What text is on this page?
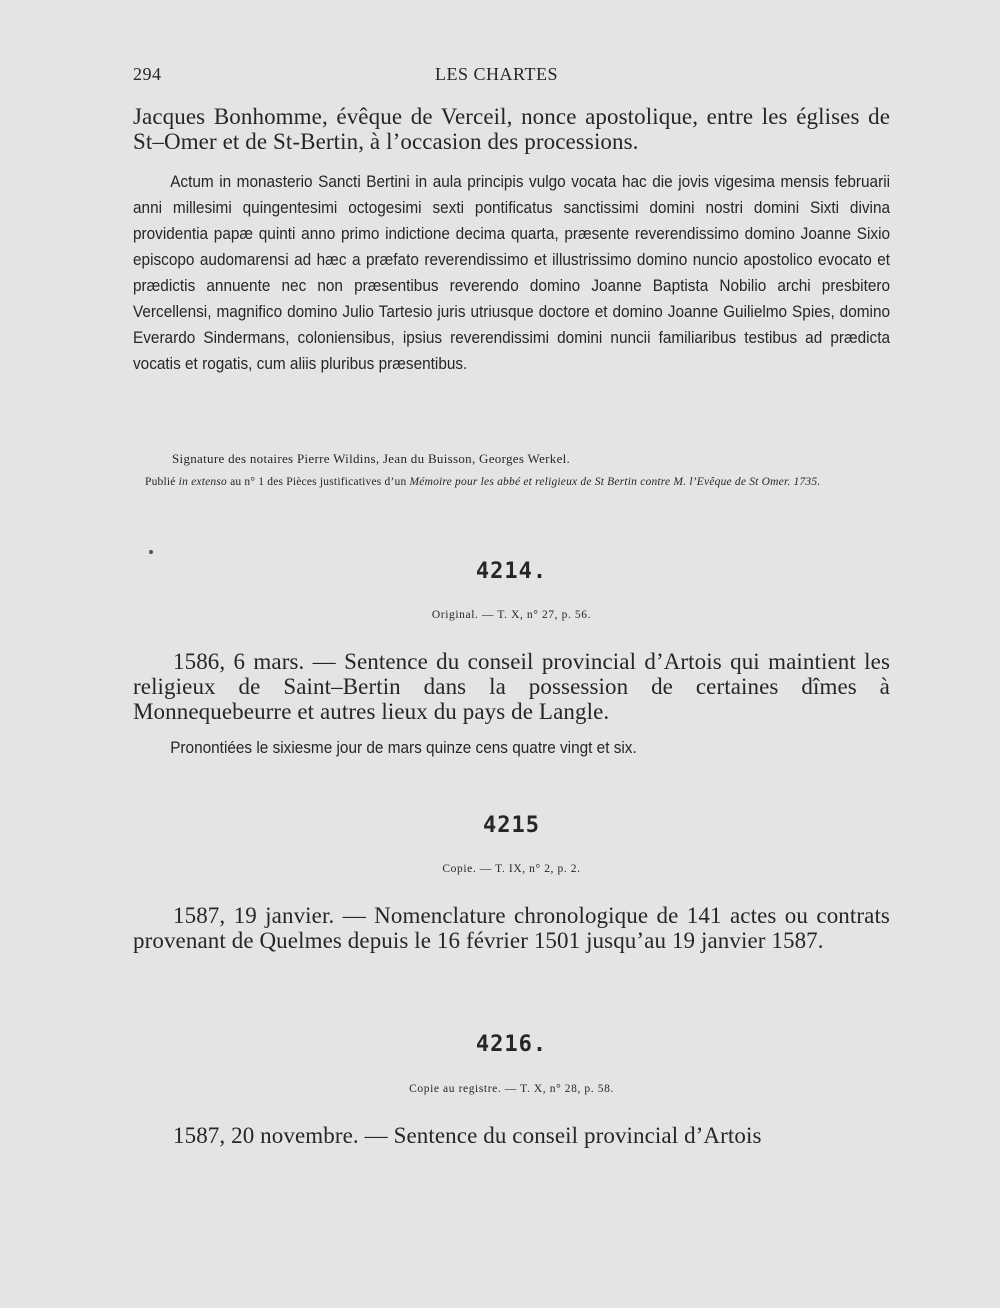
294	LES CHARTES
Jacques Bonhomme, évêque de Verceil, nonce apostolique, entre les églises de St–Omer et de St-Bertin, à l’occasion des processions.
Actum in monasterio Sancti Bertini in aula principis vulgo vocata hac die jovis vigesima mensis februarii anni millesimi quingentesimi octogesimi sexti pontificatus sanctissimi domini nostri domini Sixti divina providentia papæ quinti anno primo indictione decima quarta, præsente reverendissimo domino Joanne Sixio episcopo audomarensi ad hæc a præfato reverendissimo et illustrissimo domino nuncio apostolico evocato et prædictis annuente nec non præsentibus reverendo domino Joanne Baptista Nobilio archi presbitero Vercellensi, magnifico domino Julio Tartesio juris utriusque doctore et domino Joanne Guilielmo Spies, domino Everardo Sindermans, coloniensibus, ipsius reverendissimi domini nuncii familiaribus testibus ad prædicta vocatis et rogatis, cum aliis pluribus præsentibus.
Signature des notaires Pierre Wildins, Jean du Buisson, Georges Werkel.
Publié in extenso au n° 1 des Pièces justificatives d’un Mémoire pour les abbé et religieux de St Bertin contre M. l’Evêque de St Omer. 1735.
4214.
Original. — T. X, n° 27, p. 56.
1586, 6 mars. — Sentence du conseil provincial d’Artois qui maintient les religieux de Saint–Bertin dans la possession de certaines dîmes à Monnequebeurre et autres lieux du pays de Langle.
Pronontiées le sixiesme jour de mars quinze cens quatre vingt et six.
4215
Copie. — T. IX, n° 2, p. 2.
1587, 19 janvier. — Nomenclature chronologique de 141 actes ou contrats provenant de Quelmes depuis le 16 février 1501 jusqu’au 19 janvier 1587.
4216.
Copie au registre. — T. X, n° 28, p. 58.
1587, 20 novembre. — Sentence du conseil provincial d’Artois
